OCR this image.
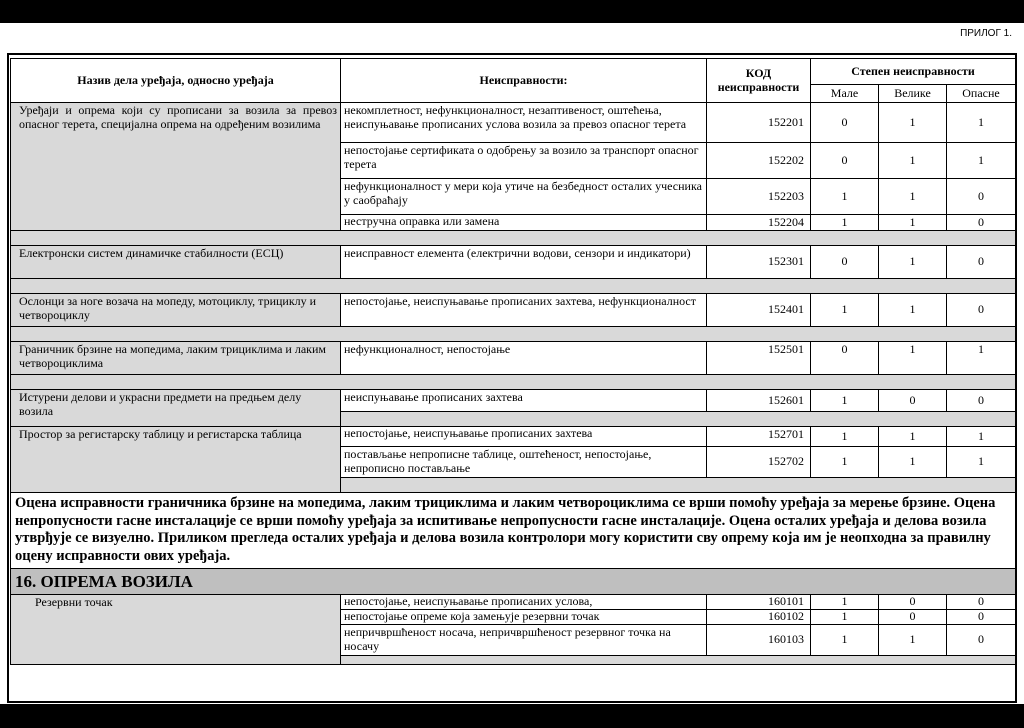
ПРИЛОГ 1.
Назив дела уређаја, односно уређаја	Неисправности:	КОД неисправности	Степен неисправности		
			Мале	Велике	Опасне
Уређаји и опрема који су прописани за возила за превоз опасног терета, специјална опрема на одређеним возилима	некомплетност, нефункционалност, незаптивеност, оштећења, неиспуњавање прописаних услова возила за превоз опасног терета	152201	0	1	1
	непостојање сертификата о одобрењу за возило за транспорт опасног терета	152202	0	1	1
	нефункционалност у мери која утиче на безбедност осталих учесника у саобраћају	152203	1	1	0
	нестручна оправка или замена	152204	1	1	0

Електронски систем динамичке стабилности (ЕСЦ)	неисправност елемента (електрични водови, сензори и индикатори)	152301	0	1	0

Ослонци за ноге возача на мопеду, мотоциклу, трициклу и четвороциклу	непостојање, неиспуњавање прописаних захтева, нефункционалност	152401	1	1	0

Граничник брзине на мопедима, лаким трициклима и лаким четвороциклима	нефункционалност, непостојање	152501	0	1	1

Истурени делови и украсни предмети на предњем делу возила	неиспуњавање прописаних захтева	152601	1	0	0

Простор за регистарску таблицу и регистарска таблица	непостојање, неиспуњавање прописаних захтева	152701	1	1	1
	постављање непрописне таблице, оштећеност, непостојање, непрописно постављање	152702	1	1	1

Оцена исправности граничника брзине на мопедима, лаким трициклима и лаким четвороциклима се врши помоћу уређаја за мерење брзине. Оцена непропусности гасне инсталације се врши помоћу уређаја за испитивање непропусности гасне инсталације. Оцена осталих уређаја и делова возила утврђује се визуелно. Приликом прегледа осталих уређаја и делова возила контролори могу користити сву опрему која им је неопходна за правилну оцену исправности ових уређаја.					
16. ОПРЕМА ВОЗИЛА					
Резервни точак	непостојање, неиспуњавање прописаних услова,	160101	1	0	0
	непостојање опреме која замењује резервни точак	160102	1	0	0
	непричвршћеност носача, непричвршћеност резервног точка на носачу	160103	1	1	0
